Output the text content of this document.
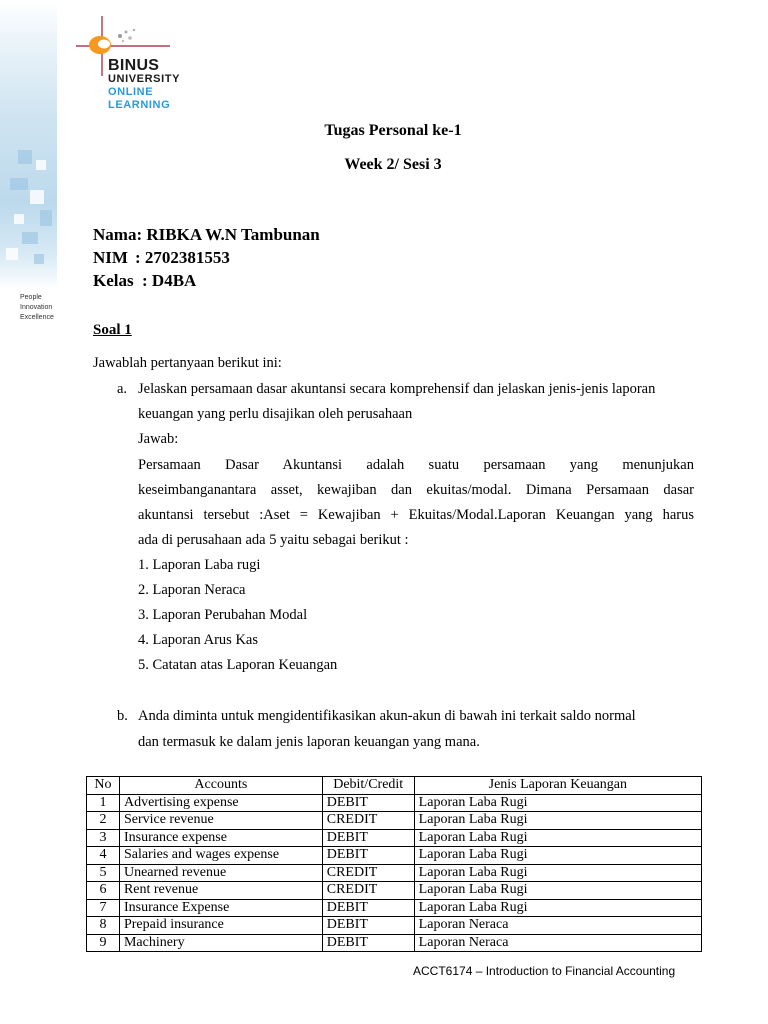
People
Innovation
Excellence
BINUS
UNIVERSITY
ONLINE
LEARNING
Tugas Personal ke-1
Week 2/ Sesi 3
Nama: RIBKA W.N Tambunan
NIM : 2702381553
Kelas : D4BA
Soal 1
Jawablah pertanyaan berikut ini:
a. Jelaskan persamaan dasar akuntansi secara komprehensif dan jelaskan jenis-jenis laporan
keuangan yang perlu disajikan oleh perusahaan
Jawab:
Persamaan Dasar Akuntansi adalah suatu persamaan yang menunjukan
keseimbanganantara asset, kewajiban dan ekuitas/modal. Dimana Persamaan dasar
akuntansi tersebut :Aset = Kewajiban + Ekuitas/Modal.Laporan Keuangan yang harus
ada di perusahaan ada 5 yaitu sebagai berikut :
1. Laporan Laba rugi
2. Laporan Neraca
3. Laporan Perubahan Modal
4. Laporan Arus Kas
5. Catatan atas Laporan Keuangan
b. Anda diminta untuk mengidentifikasikan akun-akun di bawah ini terkait saldo normal
dan termasuk ke dalam jenis laporan keuangan yang mana.
No	Accounts	Debit/Credit	Jenis Laporan Keuangan
1	Advertising expense	DEBIT	Laporan Laba Rugi
2	Service revenue	CREDIT	Laporan Laba Rugi
3	Insurance expense	DEBIT	Laporan Laba Rugi
4	Salaries and wages expense	DEBIT	Laporan Laba Rugi
5	Unearned revenue	CREDIT	Laporan Laba Rugi
6	Rent revenue	CREDIT	Laporan Laba Rugi
7	Insurance Expense	DEBIT	Laporan Laba Rugi
8	Prepaid insurance	DEBIT	Laporan Neraca
9	Machinery	DEBIT	Laporan Neraca
ACCT6174 – Introduction to Financial Accounting
